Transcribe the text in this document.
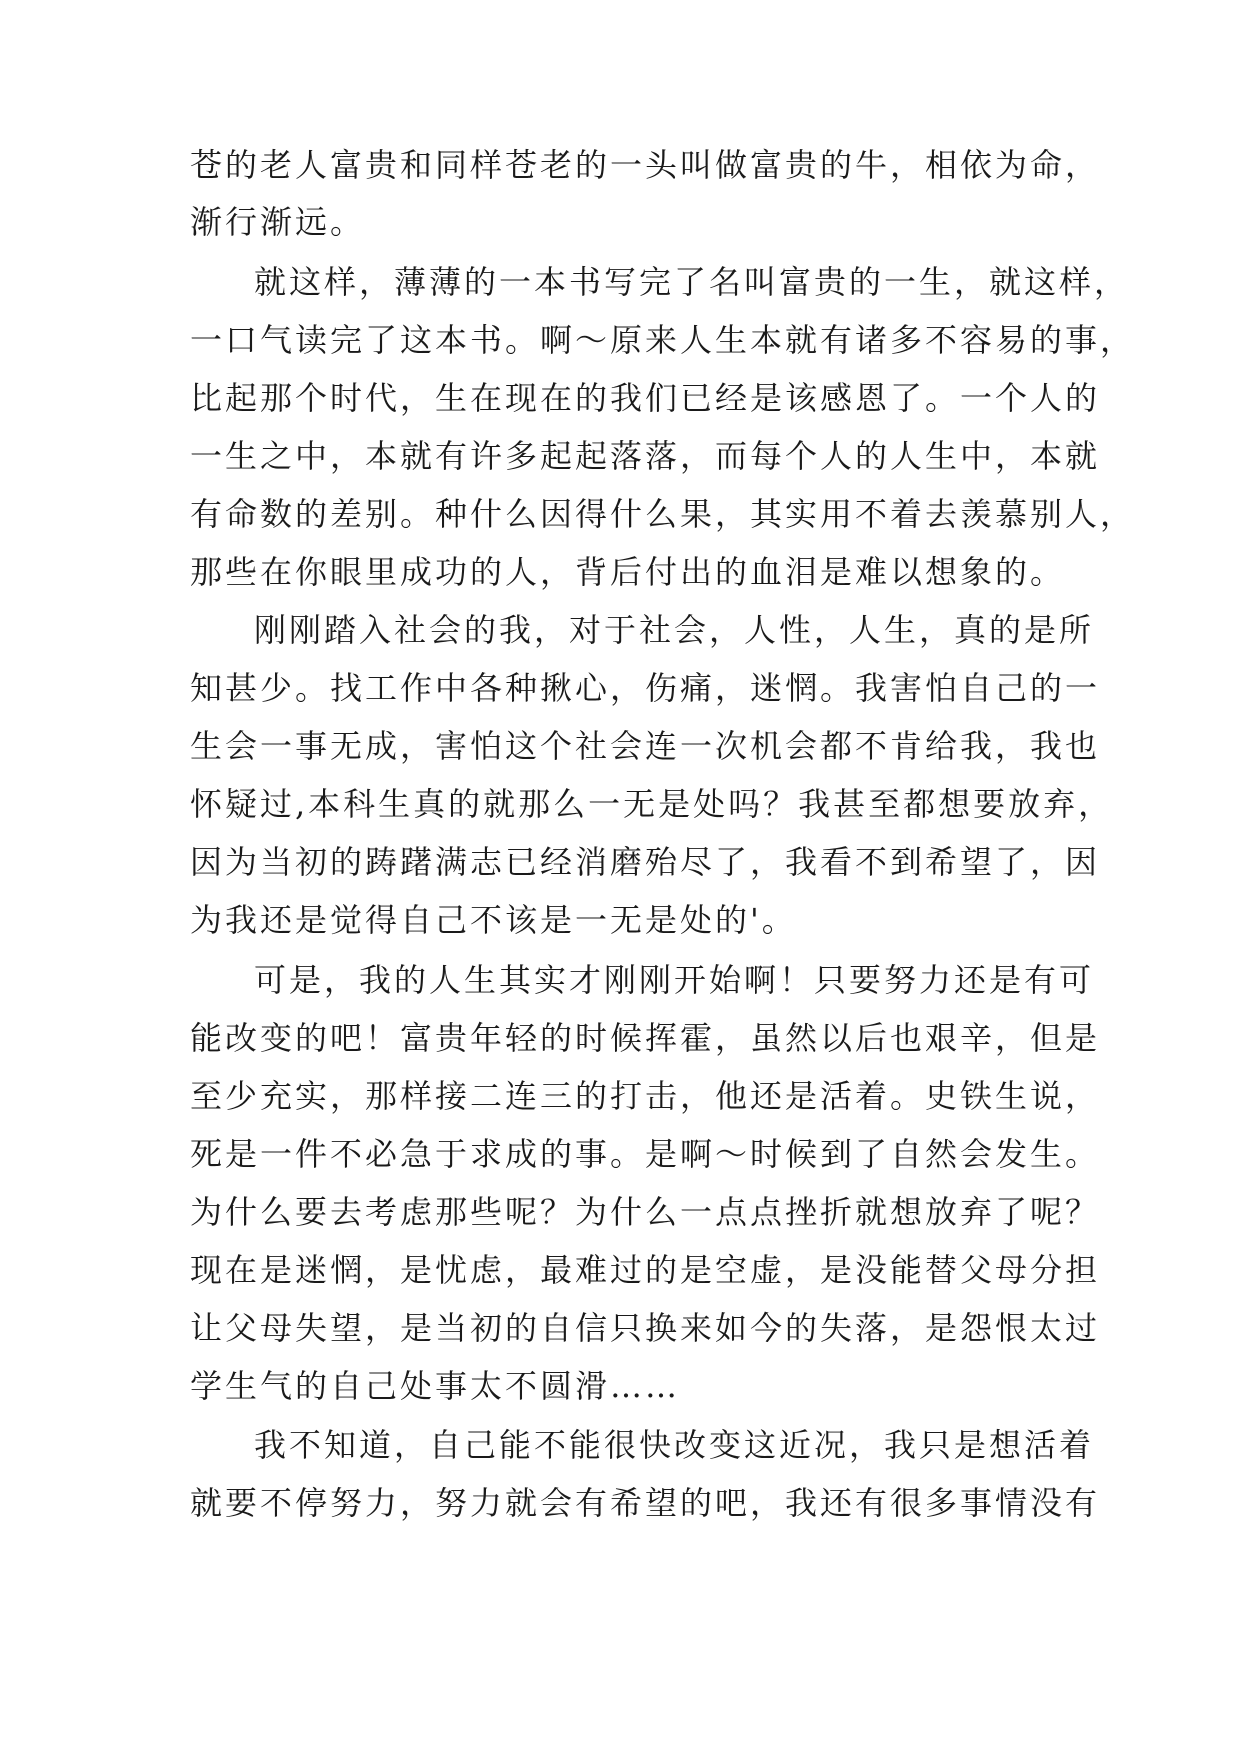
苍的老人富贵和同样苍老的一头叫做富贵的牛，相依为命，
渐行渐远。
就这样，薄薄的一本书写完了名叫富贵的一生，就这样，
一口气读完了这本书。啊～原来人生本就有诸多不容易的事，
比起那个时代，生在现在的我们已经是该感恩了。一个人的
一生之中，本就有许多起起落落，而每个人的人生中，本就
有命数的差别。种什么因得什么果，其实用不着去羡慕别人，
那些在你眼里成功的人，背后付出的血泪是难以想象的。
刚刚踏入社会的我，对于社会，人性，人生，真的是所
知甚少。找工作中各种揪心，伤痛，迷惘。我害怕自己的一
生会一事无成，害怕这个社会连一次机会都不肯给我，我也
怀疑过,本科生真的就那么一无是处吗？我甚至都想要放弃，
因为当初的踌躇满志已经消磨殆尽了，我看不到希望了，因
为我还是觉得自己不该是一无是处的'。
可是，我的人生其实才刚刚开始啊！只要努力还是有可
能改变的吧！富贵年轻的时候挥霍，虽然以后也艰辛，但是
至少充实，那样接二连三的打击，他还是活着。史铁生说，
死是一件不必急于求成的事。是啊～时候到了自然会发生。
为什么要去考虑那些呢？为什么一点点挫折就想放弃了呢？
现在是迷惘，是忧虑，最难过的是空虚，是没能替父母分担
让父母失望，是当初的自信只换来如今的失落，是怨恨太过
学生气的自己处事太不圆滑……
我不知道，自己能不能很快改变这近况，我只是想活着
就要不停努力，努力就会有希望的吧，我还有很多事情没有
